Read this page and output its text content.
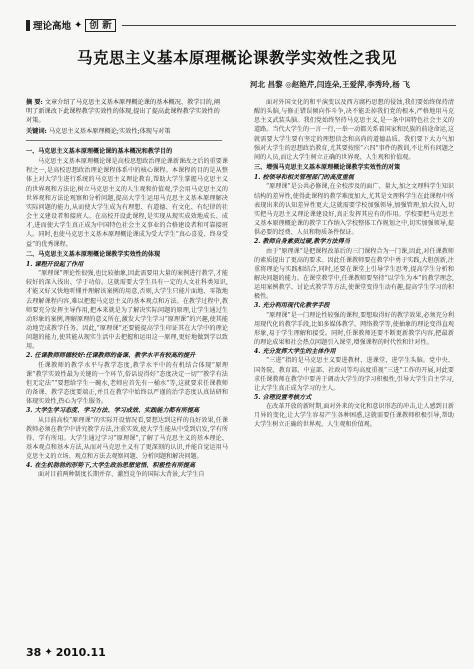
理论高地 ✦ 创 新
马克思主义基本原理概论课教学实效性之我见
河北 昌黎 ◎赵艳芹,闫连朵,王爱萍,李秀玲,杨 飞
摘 要: 文章介绍了马克思主义基本原理概论课的基本概况、教学目的,阐明了新课改下此课程教学实效性的体现,提出了提高此课程教学实效性的对策。
关键词: 马克思主义基本原理概论;实效性;体现与对策

一、马克思主义基本原理概论课的基本概况和教学目的

马克思主义基本原理概论课是高校思想政治理论课新课改之后的重要课程之一,是高校思想政治理论课程体系中的核心课程。本课程的目的是从整体上对大学生进行系统的马克思主义理论教育,帮助大学生掌握马克思主义的世界观和方法论,树立马克思主义的人生观和价值观,学会用马克思主义的世界观和方法论观察和分析问题,提高大学生运用马克思主义基本原理解决实际问题的能力,从而使大学生成为有理想、有道德、有文化、有纪律的社会主义建设者和接班人。在高校开设此课程,是实现从现实成效地成长、成才,进而使大学生真正成为中国特色社会主义事业的合格建设者和可靠接班人。同时,也使马克思主义基本原理概论课成为受大学生“真心喜爱、终身受益”的优秀课程。

二、马克思主义基本原理概论课教学实效性的体现

1. 课程开设起了作用

“原理课”理论性很强,也比较抽象,因此需要用大量的案例进行教学,才能较好的深入浅出、学于功倍。这就需要大学生具有一定的人文社科类知识,才能又好又快地听懂并理解该案例的用意,否则,大学生只能片面地、零散地去理解课程内容,难以把握马克思主义的基本观点和方法。在教学过程中,教师要充分发挥主导作用,把本来就是为了解决实际问题的原理,让学生通过生动形象的案例,理解原理的意义所在,激发大学生学习“原理课”的兴趣,使其能动地完成教学任务。因此,“原理课”还要能提高学生印证其在大学中的理论问题的能力,使其能从现实生活中去把握和运用这一原理,更好地做到学以致用。

2. 任课教师师德较好:任课教师的备课、教学水平有较高的提升

任课教师的教学水平与教学态度,教学水平中的有机结合体现“原理课”教学实效性最为关键的一个环节,俗话说得好“态度决定一切”“教学有法但无定法”“要想给学生一碗水,老师应首先有一桶水”等,这就要求任课教师的备课、教学态度要端正,并且在教学中始终以严谨的治学态度认真钻研和体现实效性,热心为学生服务。

3. 大学生学习态度、学习方法、学习成效、实践能力都有所提高

从目前高校“原理课”的实际开设情况看,要想达到这样的良好效果,任课教师必须在教学中讲究教学方法,注重实效,使大学生能从中受到启发,学有所得、学有所用。大学生通过学习“原理课”,了解了马克思主义的基本理论、基本观点和基本方法,从而对马克思主义有了更深刻的认识,并能自觉运用马克思主义的立场、观点和方法去观察问题、分析问题和解决问题。

4. 在生机勃勃的形势下,大学生政治思想觉悟、积极性有所提高

面对目前两种制度长期并存、激烈竞争的国际大背景,大学生自

面对外国文化的和平演变以及西方腐朽思想的侵蚀,我们要始终保持清醒的头脑,与修正错误倾向作斗争,决不能丢掉我们党的根本,严格地用马克思主义武装头脑。我们党始终坚持马克思主义,是一条中国特色社会主义的道路。当代大学生的一言一行,一举一动都关系着国家和民族的前途命运,这就需要大学生要有坚定的理想信念和高尚的道德品质。我们要下大力气加强对大学生的思想政治教育,尤其要按照“六四”事件的教训,不让所有问题之间的人员,而让大学生树立正确的世界观、人生观和价值观。

三、增强马克思主义基本原理概论课教学实效性的对策

1. 校领导和相关管理部门的高度重视

“原理课”是公共必修课,在全校涉及的面广、量大,加之文理科学生知识结构的差异性,使得此课程的教学难度加大,尤其是文理科学生在此课程中所表现出来的认知差异性更大,这就需要学校加强领导,加强管理,加大投入,切实把马克思主义理论课建设好,真正发挥其应有的作用。学校要把马克思主义基本原理概论课的教学工作纳入学校整体工作规划之中,切实加强领导,提供必要的经费、人员和物质条件保证。

2. 教师自身素质过硬,教学方法得当

由于“原理课”是把课程改革后的三门课程合为一门课,因此,对任课教师的素质提出了更高的要求。因此任课教师要在教学中勇于实践,大胆创新,注重将理论与实践相结合,同时,还要在课堂上引导学生思考,提高学生分析和解决问题的能力。在课堂教学中,任课教师要坚持“以学生为本”的教学理念,运用案例教学、讨论式教学等方法,使课堂变得生动有趣,提高学生学习的积极性。

3. 充分利用现代化教学手段

“原理课”是一门理论性较强的课程,要想取得好的教学效果,必须充分利用现代化的教学手段,比如多媒体教学、网络教学等,使抽象的理论变得直观形象,易于学生理解和接受。同时,任课教师还要不断更新教学内容,把最新的理论成果和社会热点问题引入课堂,增强课程的时代性和针对性。

4. 充分发挥大学生的主体作用

“三进”指的是马克思主义要进教材、进课堂、进学生头脑。党中央、国务院、教育部、中宣部、社政司等均高度重视“三进”工作的开展,对此要求任课教师在教学中要善于调动大学生的学习积极性,引导大学生自主学习,让大学生真正成为学习的主人。

5. 合理设置考核方式

在改革开放的新时期,面对外来的文化和意识形态的冲击,让人感到日新月异的变化,让大学生容易产生各种困惑,这就需要任课教师积极引导,帮助大学生树立正确的世界观、人生观和价值观。

38 ✦ 2010.11
